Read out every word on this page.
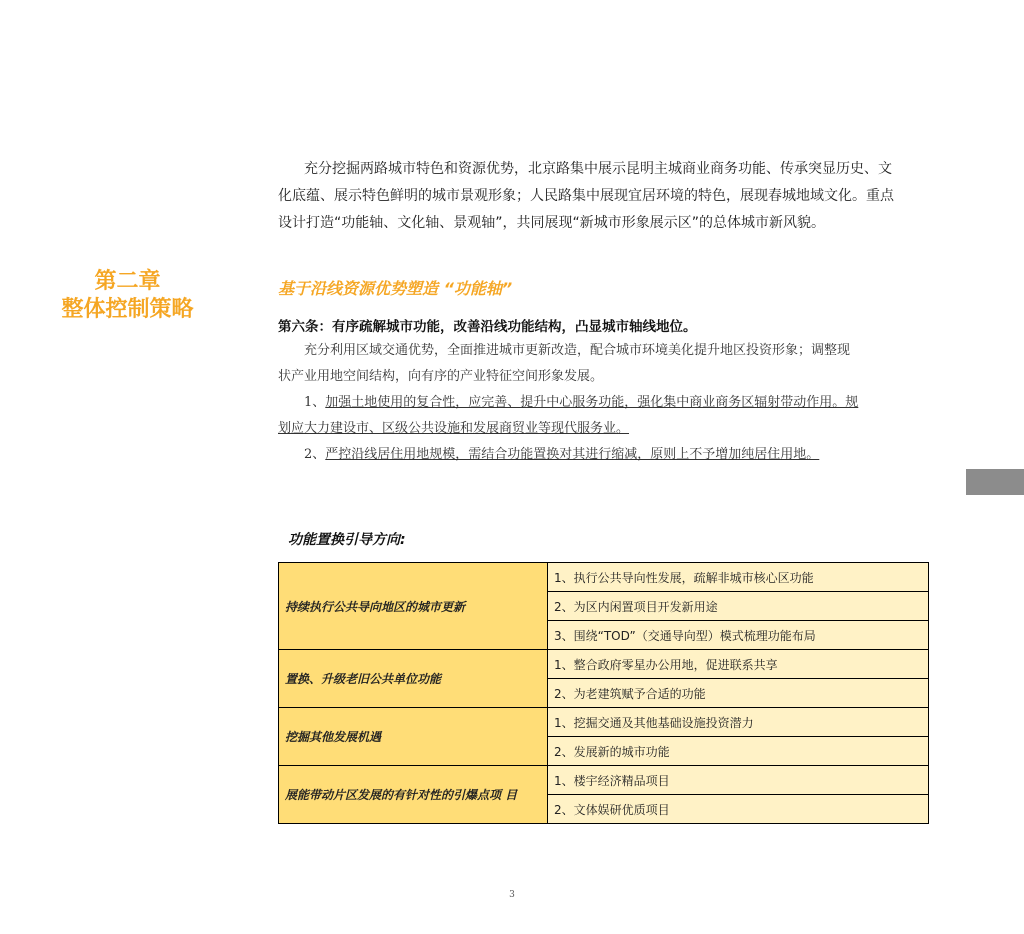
第二章
整体控制策略
充分挖掘两路城市特色和资源优势，北京路集中展示昆明主城商业商务功能、传承突显历史、文
化底蕴、展示特色鲜明的城市景观形象；人民路集中展现宜居环境的特色，展现春城地域文化。重点
设计打造“功能轴、文化轴、景观轴”，共同展现“新城市形象展示区”的总体城市新风貌。
基于沿线资源优势塑造 “功能轴”
第六条：有序疏解城市功能，改善沿线功能结构，凸显城市轴线地位。
充分利用区域交通优势，全面推进城市更新改造，配合城市环境美化提升地区投资形象；调整现
状产业用地空间结构，向有序的产业特征空间形象发展。
1、加强土地使用的复合性，应完善、提升中心服务功能，强化集中商业商务区辐射带动作用。规
划应大力建设市、区级公共设施和发展商贸业等现代服务业。
2、严控沿线居住用地规模，需结合功能置换对其进行缩减，原则上不予增加纯居住用地。
功能置换引导方向:
持续执行公共导向地区的城市更新	1、执行公共导向性发展，疏解非城市核心区功能
	2、为区内闲置项目开发新用途
	3、围绕“TOD”（交通导向型）模式梳理功能布局
置换、升级老旧公共单位功能	1、整合政府零星办公用地，促进联系共享
	2、为老建筑赋予合适的功能
挖掘其他发展机遇	1、挖掘交通及其他基础设施投资潜力
	2、发展新的城市功能
展能带动片区发展的有针对性的引爆点项 目	1、楼宇经济精品项目
	2、文体娱研优质项目
3
